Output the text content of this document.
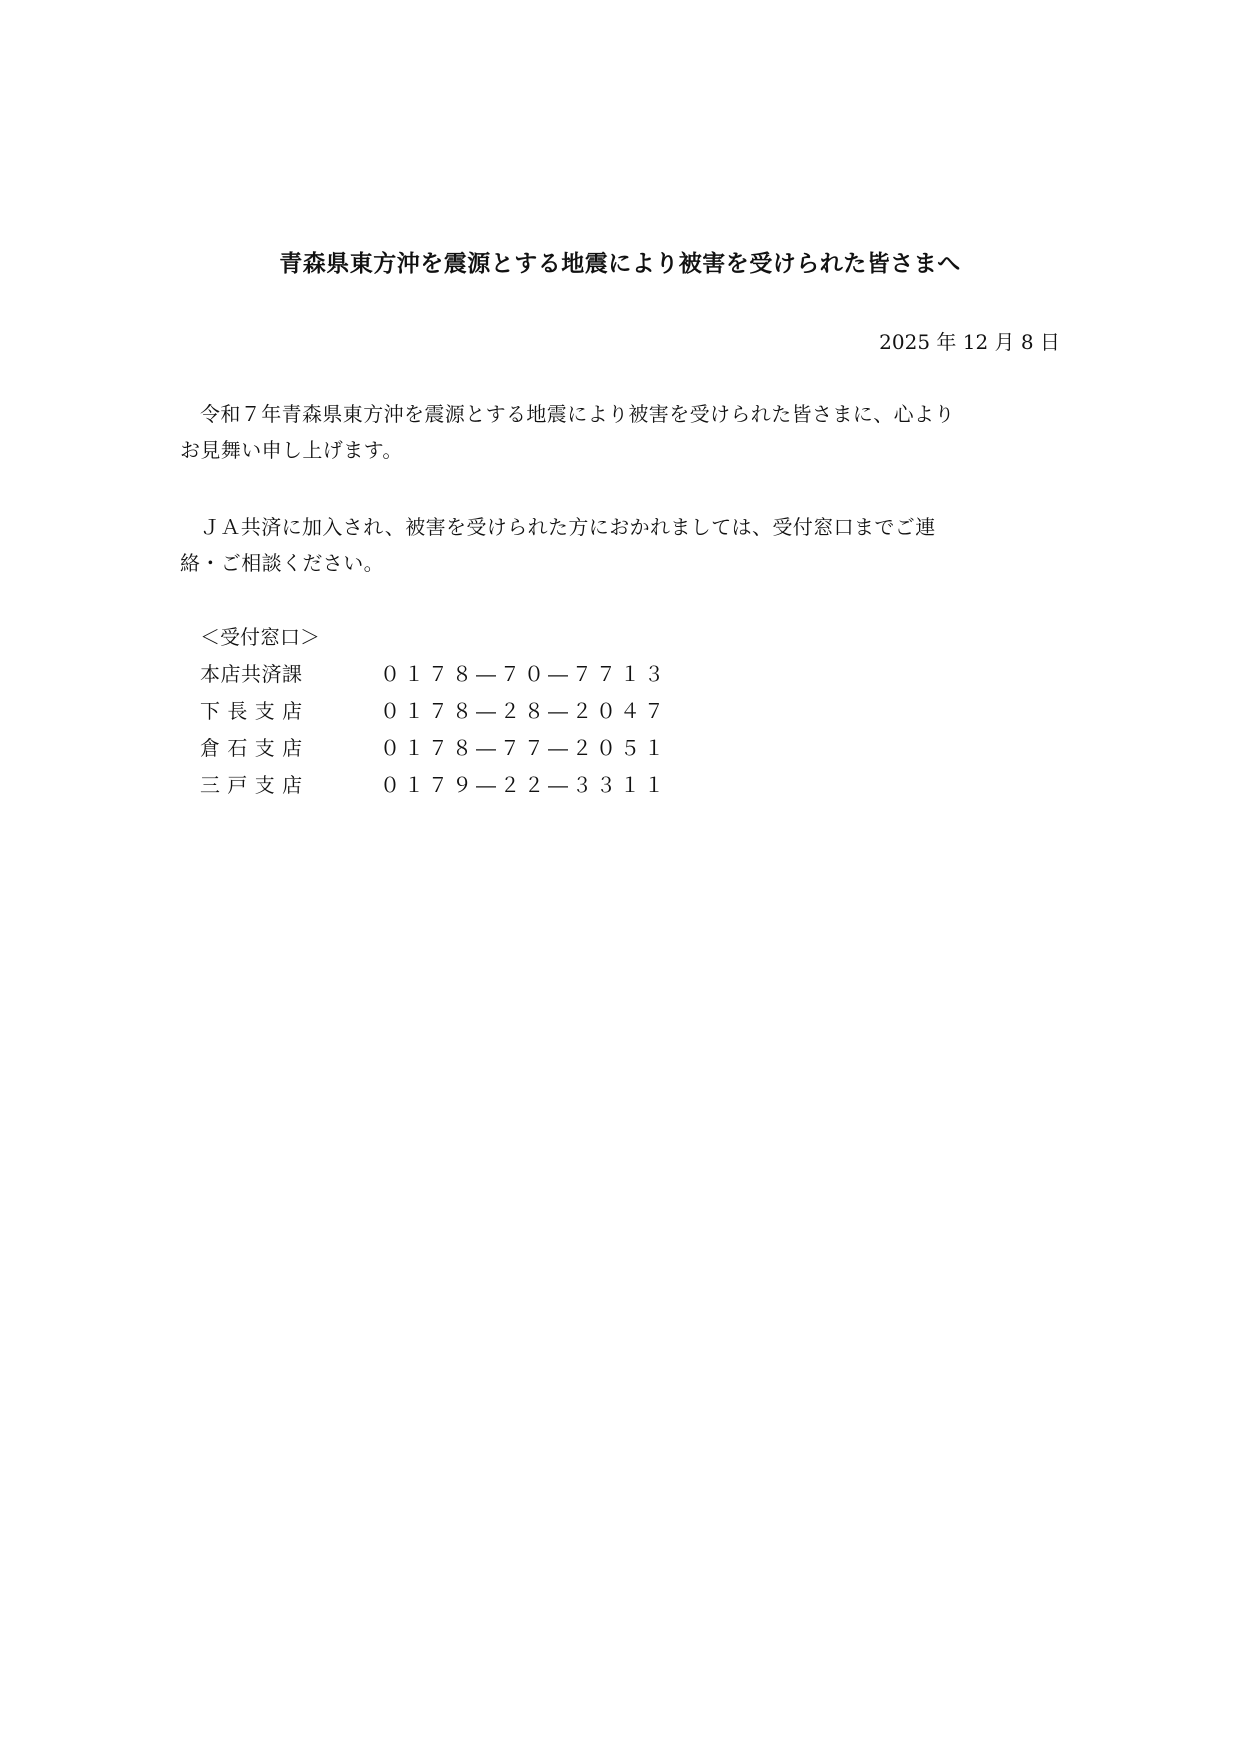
青森県東方沖を震源とする地震により被害を受けられた皆さまへ
2025 年 12 月 8 日
令和７年青森県東方沖を震源とする地震により被害を受けられた皆さまに、心より
お見舞い申し上げます。
ＪＡ共済に加入され、被害を受けられた方におかれましては、受付窓口までご連
絡・ご相談ください。
＜受付窓口＞
本店共済課	０１７８―７０―７７１３
下 長 支 店	０１７８―２８―２０４７
倉 石 支 店	０１７８―７７―２０５１
三 戸 支 店	０１７９―２２―３３１１
